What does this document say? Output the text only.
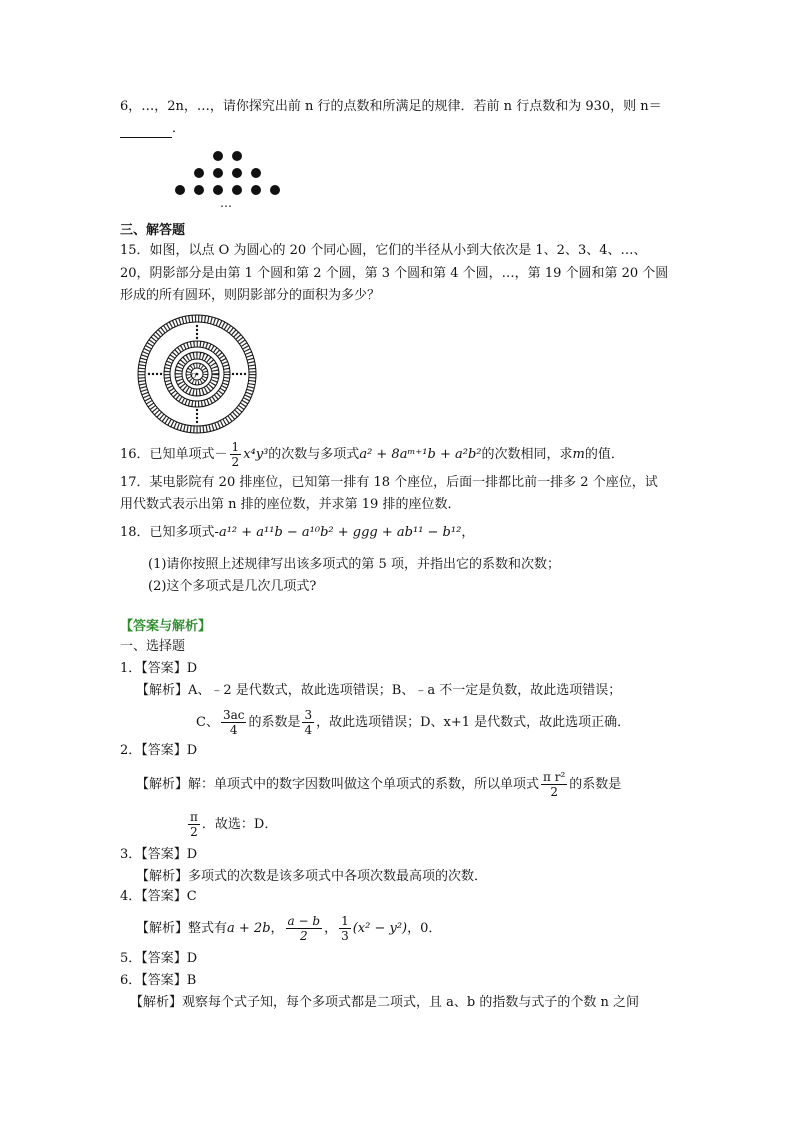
6，…，2n，…，请你探究出前 n 行的点数和所满足的规律．若前 n 行点数和为 930，则 n＝
．
…
三、解答题
15．如图，以点 O 为圆心的 20 个同心圆，它们的半径从小到大依次是 1、2、3、4、…、
20，阴影部分是由第 1 个圆和第 2 个圆，第 3 个圆和第 4 个圆，…，第 19 个圆和第 20 个圆
形成的所有圆环，则阴影部分的面积为多少？
O
16．已知单项式－ $\frac{1}{2} x^4y^3$的次数与多项式a² + 8aᵐ⁺¹b + a²b²的次数相同，求m的值．
17．某电影院有 20 排座位，已知第一排有 18 个座位，后面一排都比前一排多 2 个座位，试
用代数式表示出第 n 排的座位数，并求第 19 排的座位数．
18．已知多项式-a¹² + a¹¹b − a¹⁰b² + ggg + ab¹¹ − b¹²，
(1)请你按照上述规律写出该多项式的第 5 项，并指出它的系数和次数；
(2)这个多项式是几次几项式?
【答案与解析】
一、选择题
1．【答案】D
【解析】A、﹣2 是代数式，故此选项错误；B、﹣a 不一定是负数，故此选项错误；
C、 $\frac{3ac}{4}$ 的系数是 $\frac{3}{4}$ ，故此选项错误；D、x+1 是代数式，故此选项正确．
2．【答案】D
【解析】解：单项式中的数字因数叫做这个单项式的系数，所以单项式 $\frac{\text{π r²}}{2}$ 的系数是
$\frac{\pi}{2}$ ．故选：D．
3．【答案】D
【解析】多项式的次数是该多项式中各项次数最高项的次数．
4．【答案】C
【解析】整式有a + 2b， $\frac{a - b}{2}$ ， $\frac{1}{3} (x^2 - y^2)$，0．
5．【答案】D
6．【答案】B
【解析】观察每个式子知，每个多项式都是二项式，且 a、b 的指数与式子的个数 n 之间
